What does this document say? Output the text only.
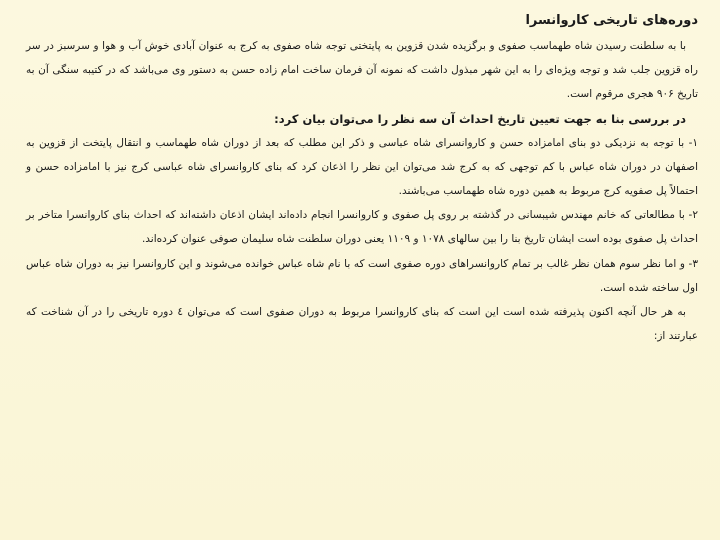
دوره‌های تاریخی کاروانسرا

با به سلطنت رسیدن شاه طهماسب صفوی و برگزیده شدن قزوین به پایتختی توجه شاه صفوی به کرج به عنوان آبادی خوش آب و هوا و سرسبز در سر راه قزوین جلب شد و توجه ویژه‌ای را به این شهر مبذول داشت که نمونه آن فرمان ساخت امام زاده حسن به دستور وی می‌باشد که در کتیبه سنگی آن به تاریخ ۹۰۶ هجری مرقوم است.

در بررسی بنا به جهت تعیین تاریخ احداث آن سه نظر را می‌توان بیان کرد:

۱- با توجه به نزدیکی دو بنای امامزاده حسن و کاروانسرای شاه عباسی و ذکر این مطلب که بعد از دوران شاه طهماسب و انتقال پایتخت از قزوین به اصفهان در دوران شاه عباس با کم توجهی که به کرج شد می‌توان این نظر را اذعان کرد که بنای کاروانسرای شاه عباسی کرج نیز با امامزاده حسن و احتمالاً پل صفویه کرج مربوط به همین دوره شاه طهماسب می‌باشند.

۲- با مطالعاتی که خانم مهندس شیبسانی در گذشته بر روی پل صفوی و کاروانسرا انجام داده‌اند ایشان اذعان داشته‌اند که احداث بنای کاروانسرا متاخر بر احداث پل صفوی بوده است ایشان تاریخ بنا را بین سالهای ۱۰۷۸ و ۱۱۰۹ یعنی دوران سلطنت شاه سلیمان صوفی عنوان کرده‌اند.

۳- و اما نظر سوم همان نظر غالب بر تمام کاروانسراهای دوره صفوی است که با نام شاه عباس خوانده می‌شوند و این کاروانسرا نیز به دوران شاه عباس اول ساخته شده است.

به هر حال آنچه اکنون پذیرفته شده است این است که بنای کاروانسرا مربوط به دوران صفوی است که می‌توان ٤ دوره تاریخی را در آن شناخت که عبارتند از:
